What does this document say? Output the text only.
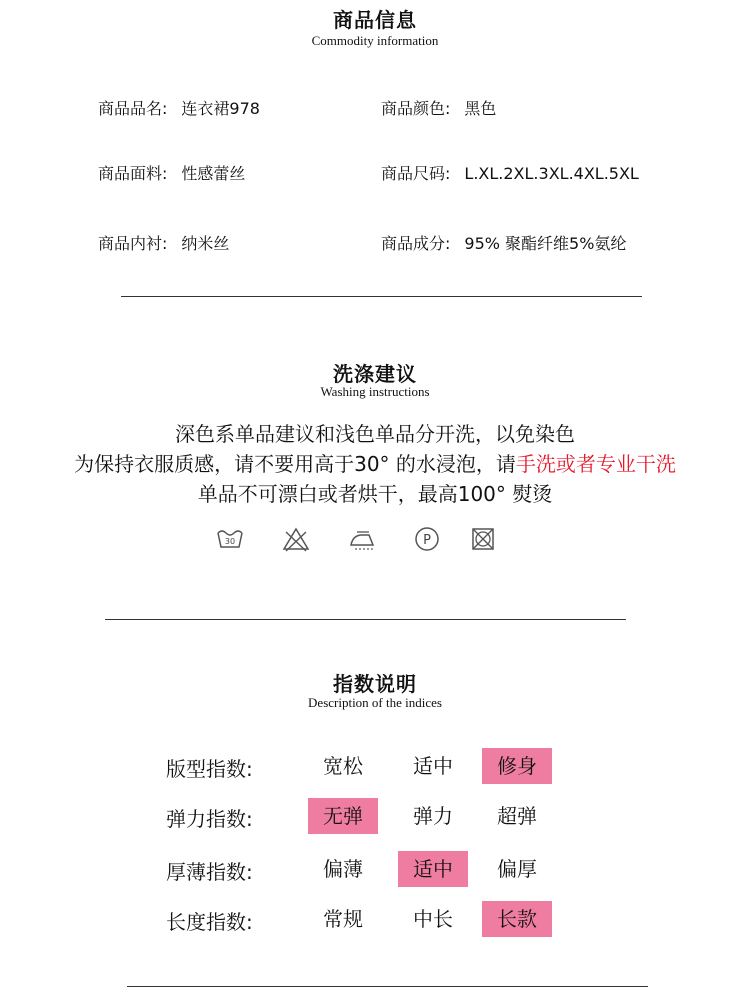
商品信息
Commodity information
商品品名: 连衣裙978	商品颜色: 黑色
商品面料: 性感蕾丝	商品尺码: L.XL.2XL.3XL.4XL.5XL
商品内衬: 纳米丝	商品成分: 95% 聚酯纤维5%氨纶
洗涤建议
Washing instructions
深色系单品建议和浅色单品分开洗，以免染色
为保持衣服质感，请不要用高于30° 的水浸泡，请手洗或者专业干洗
单品不可漂白或者烘干，最高100° 熨烫
30	P
指数说明
Description of the indices
版型指数:	宽松	适中	修身
弹力指数:	无弹	弹力	超弹
厚薄指数:	偏薄	适中	偏厚
长度指数:	常规	中长	长款
